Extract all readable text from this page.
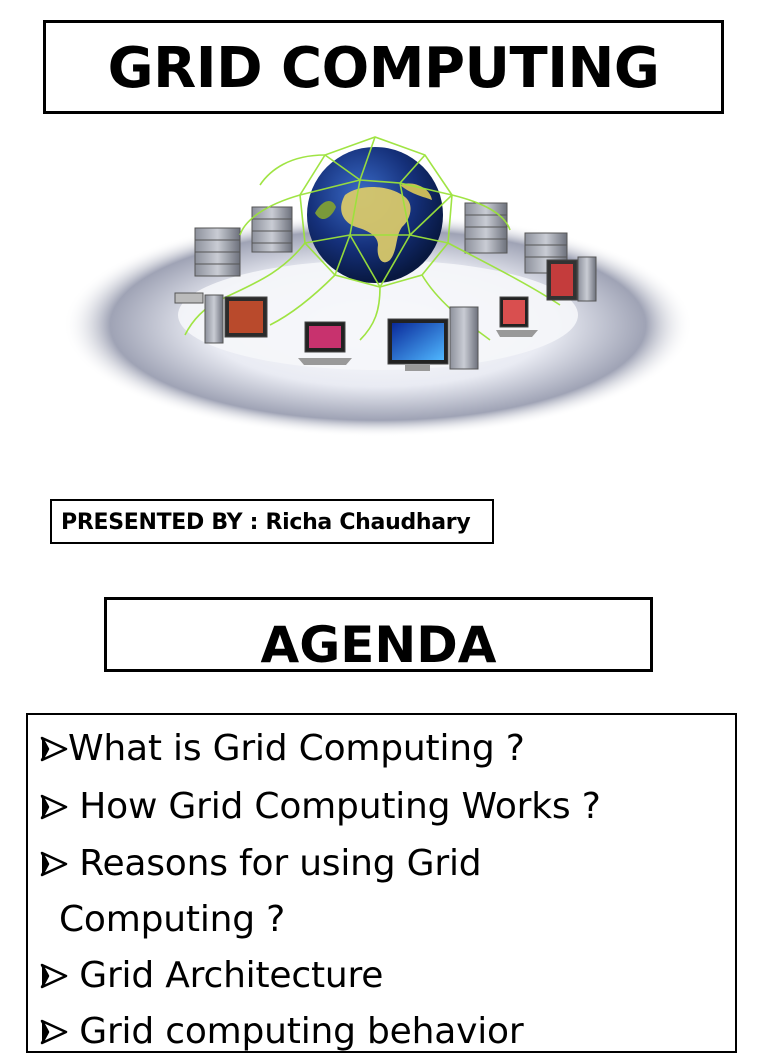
GRID COMPUTING
PRESENTED BY : Richa Chaudhary
AGENDA
What is Grid Computing ?
How Grid Computing Works ?
Reasons for using Grid
Computing ?
Grid Architecture
Grid computing behavior
